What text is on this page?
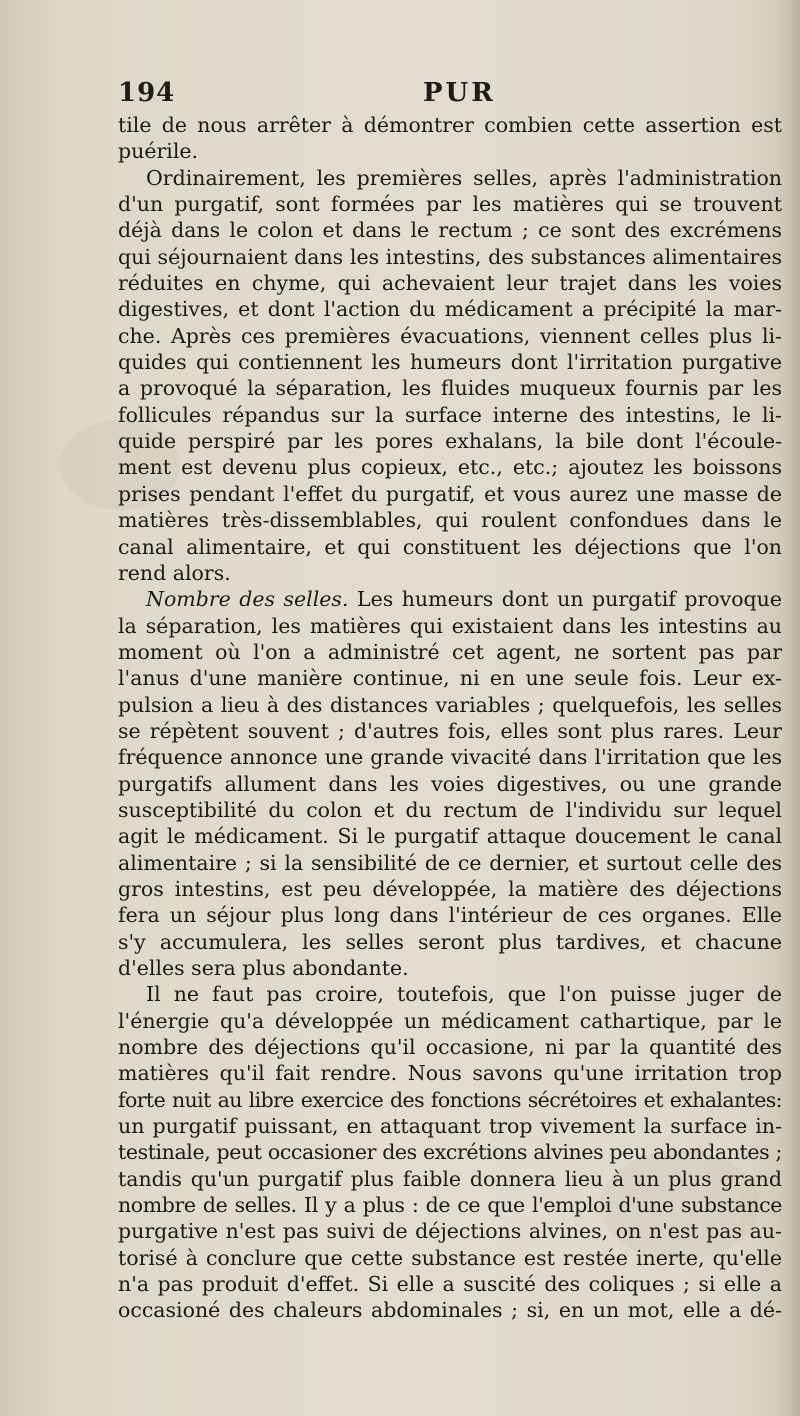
194	PUR
tile de nous arrêter à démontrer combien cette assertion est
puérile.
Ordinairement, les premières selles, après l'administration
d'un purgatif, sont formées par les matières qui se trouvent
déjà dans le colon et dans le rectum ; ce sont des excrémens
qui séjournaient dans les intestins, des substances alimentaires
réduites en chyme, qui achevaient leur trajet dans les voies
digestives, et dont l'action du médicament a précipité la mar-
che. Après ces premières évacuations, viennent celles plus li-
quides qui contiennent les humeurs dont l'irritation purgative
a provoqué la séparation, les fluides muqueux fournis par les
follicules répandus sur la surface interne des intestins, le li-
quide perspiré par les pores exhalans, la bile dont l'écoule-
ment est devenu plus copieux, etc., etc.; ajoutez les boissons
prises pendant l'effet du purgatif, et vous aurez une masse de
matières très-dissemblables, qui roulent confondues dans le
canal alimentaire, et qui constituent les déjections que l'on
rend alors.
Nombre des selles. Les humeurs dont un purgatif provoque
la séparation, les matières qui existaient dans les intestins au
moment où l'on a administré cet agent, ne sortent pas par
l'anus d'une manière continue, ni en une seule fois. Leur ex-
pulsion a lieu à des distances variables ; quelquefois, les selles
se répètent souvent ; d'autres fois, elles sont plus rares. Leur
fréquence annonce une grande vivacité dans l'irritation que les
purgatifs allument dans les voies digestives, ou une grande
susceptibilité du colon et du rectum de l'individu sur lequel
agit le médicament. Si le purgatif attaque doucement le canal
alimentaire ; si la sensibilité de ce dernier, et surtout celle des
gros intestins, est peu développée, la matière des déjections
fera un séjour plus long dans l'intérieur de ces organes. Elle
s'y accumulera, les selles seront plus tardives, et chacune
d'elles sera plus abondante.
Il ne faut pas croire, toutefois, que l'on puisse juger de
l'énergie qu'a développée un médicament cathartique, par le
nombre des déjections qu'il occasione, ni par la quantité des
matières qu'il fait rendre. Nous savons qu'une irritation trop
forte nuit au libre exercice des fonctions sécrétoires et exhalantes:
un purgatif puissant, en attaquant trop vivement la surface in-
testinale, peut occasioner des excrétions alvines peu abondantes ;
tandis qu'un purgatif plus faible donnera lieu à un plus grand
nombre de selles. Il y a plus : de ce que l'emploi d'une substance
purgative n'est pas suivi de déjections alvines, on n'est pas au-
torisé à conclure que cette substance est restée inerte, qu'elle
n'a pas produit d'effet. Si elle a suscité des coliques ; si elle a
occasioné des chaleurs abdominales ; si, en un mot, elle a dé-
